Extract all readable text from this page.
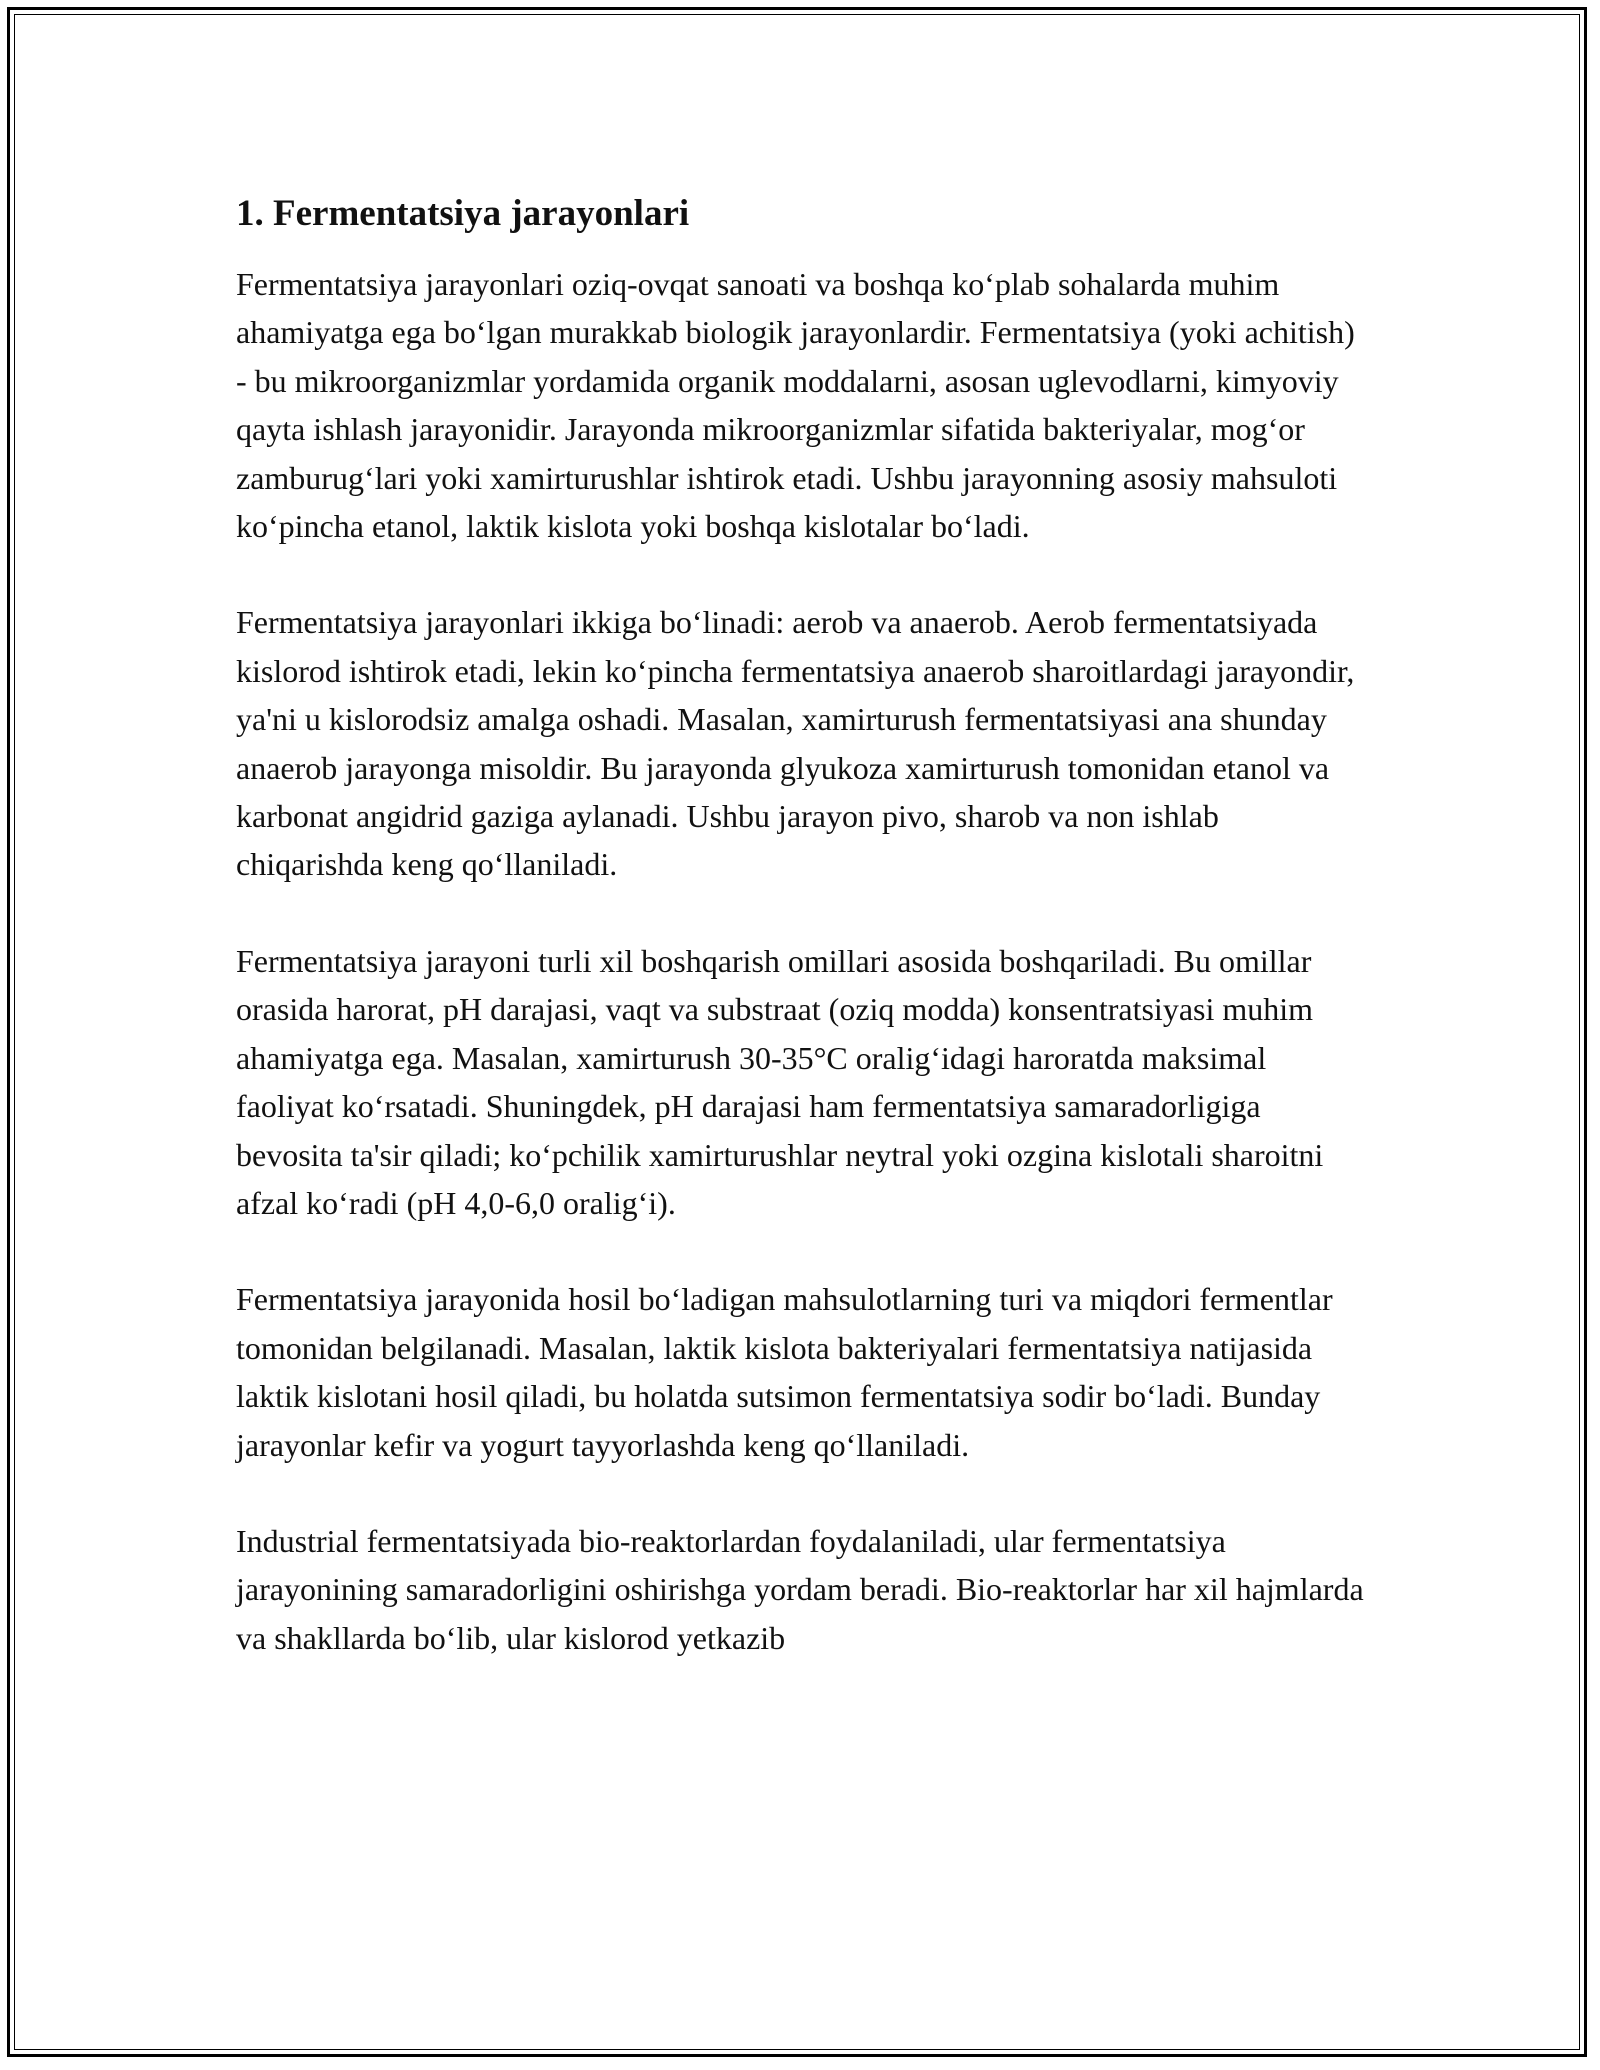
1. Fermentatsiya jarayonlari

Fermentatsiya jarayonlari oziq-ovqat sanoati va boshqa koʻplab sohalarda muhim ahamiyatga ega boʻlgan murakkab biologik jarayonlardir. Fermentatsiya (yoki achitish) - bu mikroorganizmlar yordamida organik moddalarni, asosan uglevodlarni, kimyoviy qayta ishlash jarayonidir. Jarayonda mikroorganizmlar sifatida bakteriyalar, mogʻor zamburugʻlari yoki xamirturushlar ishtirok etadi. Ushbu jarayonning asosiy mahsuloti koʻpincha etanol, laktik kislota yoki boshqa kislotalar boʻladi.

Fermentatsiya jarayonlari ikkiga boʻlinadi: aerob va anaerob. Aerob fermentatsiyada kislorod ishtirok etadi, lekin koʻpincha fermentatsiya anaerob sharoitlardagi jarayondir, ya'ni u kislorodsiz amalga oshadi. Masalan, xamirturush fermentatsiyasi ana shunday anaerob jarayonga misoldir. Bu jarayonda glyukoza xamirturush tomonidan etanol va karbonat angidrid gaziga aylanadi. Ushbu jarayon pivo, sharob va non ishlab chiqarishda keng qoʻllaniladi.

Fermentatsiya jarayoni turli xil boshqarish omillari asosida boshqariladi. Bu omillar orasida harorat, pH darajasi, vaqt va substraat (oziq modda) konsentratsiyasi muhim ahamiyatga ega. Masalan, xamirturush 30-35°C oraligʻidagi haroratda maksimal faoliyat koʻrsatadi. Shuningdek, pH darajasi ham fermentatsiya samaradorligiga bevosita ta'sir qiladi; koʻpchilik xamirturushlar neytral yoki ozgina kislotali sharoitni afzal koʻradi (pH 4,0-6,0 oraligʻi).

Fermentatsiya jarayonida hosil boʻladigan mahsulotlarning turi va miqdori fermentlar tomonidan belgilanadi. Masalan, laktik kislota bakteriyalari fermentatsiya natijasida laktik kislotani hosil qiladi, bu holatda sutsimon fermentatsiya sodir boʻladi. Bunday jarayonlar kefir va yogurt tayyorlashda keng qoʻllaniladi.

Industrial fermentatsiyada bio-reaktorlardan foydalaniladi, ular fermentatsiya jarayonining samaradorligini oshirishga yordam beradi. Bio-reaktorlar har xil hajmlarda va shakllarda boʻlib, ular kislorod yetkazib
